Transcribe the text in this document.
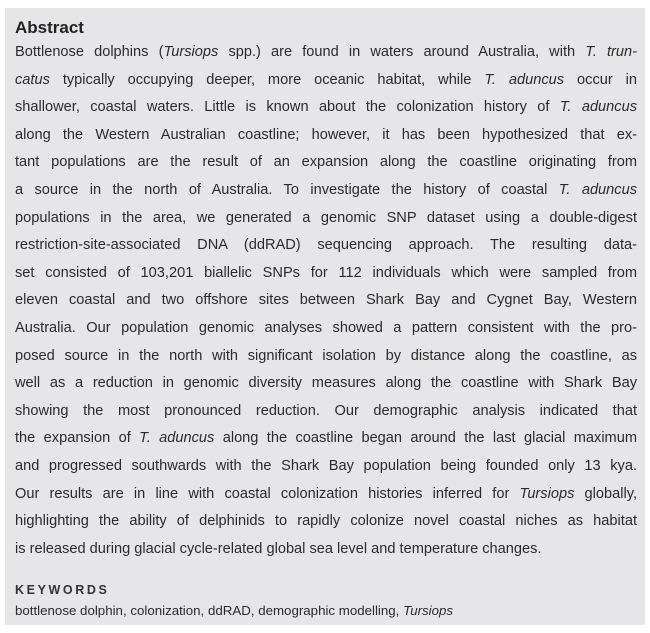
Abstract
Bottlenose dolphins (Tursiops spp.) are found in waters around Australia, with T. trun-
catus typically occupying deeper, more oceanic habitat, while T. aduncus occur in
shallower, coastal waters. Little is known about the colonization history of T. aduncus
along the Western Australian coastline; however, it has been hypothesized that ex-
tant populations are the result of an expansion along the coastline originating from
a source in the north of Australia. To investigate the history of coastal T. aduncus
populations in the area, we generated a genomic SNP dataset using a double-digest
restriction-site-associated DNA (ddRAD) sequencing approach. The resulting data-
set consisted of 103,201 biallelic SNPs for 112 individuals which were sampled from
eleven coastal and two offshore sites between Shark Bay and Cygnet Bay, Western
Australia. Our population genomic analyses showed a pattern consistent with the pro-
posed source in the north with significant isolation by distance along the coastline, as
well as a reduction in genomic diversity measures along the coastline with Shark Bay
showing the most pronounced reduction. Our demographic analysis indicated that
the expansion of T. aduncus along the coastline began around the last glacial maximum
and progressed southwards with the Shark Bay population being founded only 13 kya.
Our results are in line with coastal colonization histories inferred for Tursiops globally,
highlighting the ability of delphinids to rapidly colonize novel coastal niches as habitat
is released during glacial cycle-related global sea level and temperature changes.
KEYWORDS
bottlenose dolphin, colonization, ddRAD, demographic modelling, Tursiops
